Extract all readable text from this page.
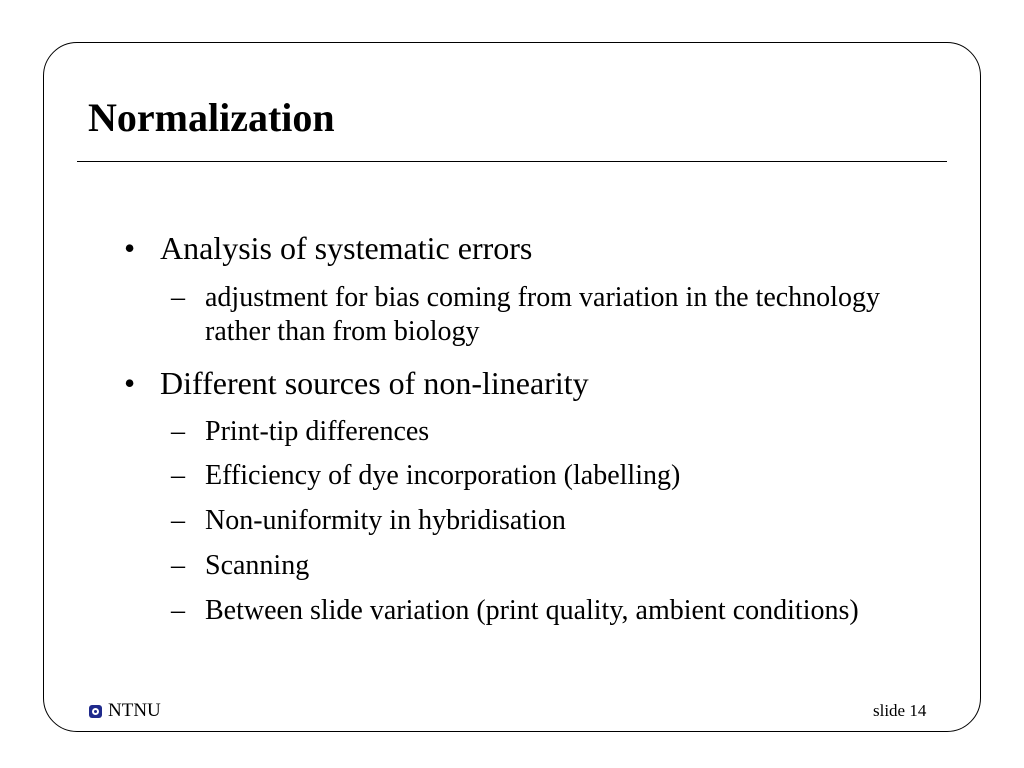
Normalization
• Analysis of systematic errors
– adjustment for bias coming from variation in the technology rather than from biology
• Different sources of non-linearity
– Print-tip differences
– Efficiency of dye incorporation (labelling)
– Non-uniformity in hybridisation
– Scanning
– Between slide variation (print quality, ambient conditions)
NTNU	slide 14
